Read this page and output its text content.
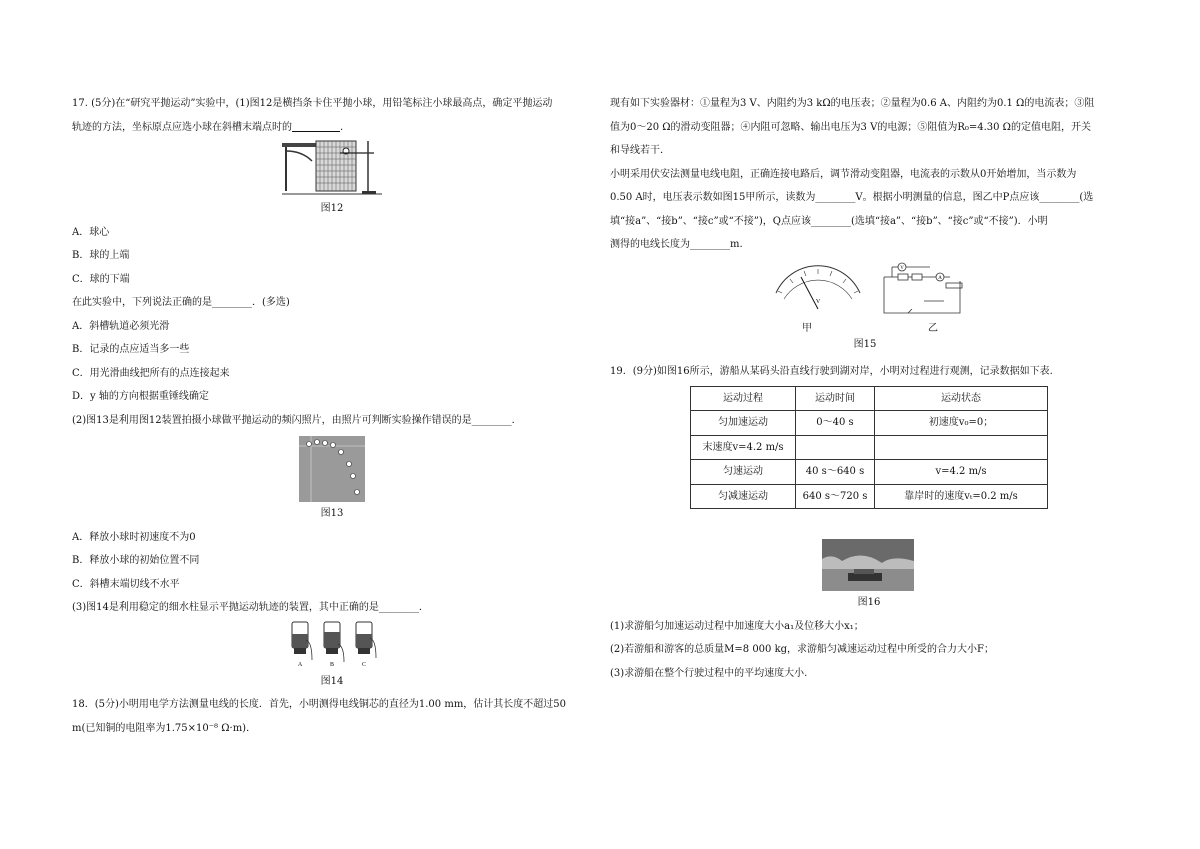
17. (5分)在“研究平抛运动”实验中，(1)图12是横挡条卡住平抛小球，用铅笔标注小球最高点，确定平抛运动

轨迹的方法，坐标原点应选小球在斜槽末端点时的	.

图12

A．球心

B．球的上端

C．球的下端

在此实验中，下列说法正确的是________．(多选)

A．斜槽轨道必须光滑

B．记录的点应适当多一些

C．用光滑曲线把所有的点连接起来

D．y 轴的方向根据重锤线确定

(2)图13是利用图12装置拍摄小球做平抛运动的频闪照片，由照片可判断实验操作错误的是________．

图13

A．释放小球时初速度不为0

B．释放小球的初始位置不同

C．斜槽末端切线不水平

(3)图14是利用稳定的细水柱显示平抛运动轨迹的装置，其中正确的是________．

A	B	C

图14

18．(5分)小明用电学方法测量电线的长度．首先，小明测得电线铜芯的直径为1.00 mm，估计其长度不超过50

m(已知铜的电阻率为1.75×10⁻⁸ Ω·m)．

现有如下实验器材：①量程为3 V、内阻约为3 kΩ的电压表；②量程为0.6 A、内阻约为0.1 Ω的电流表；③阻

值为0～20 Ω的滑动变阻器；④内阻可忽略、输出电压为3 V的电源；⑤阻值为R₀=4.30 Ω的定值电阻，开关

和导线若干．

小明采用伏安法测量电线电阻，正确连接电路后，调节滑动变阻器，电流表的示数从0开始增加，当示数为

0.50 A时，电压表示数如图15甲所示，读数为________V。根据小明测量的信息，图乙中P点应该________(选

填“接a”、“接b”、“接c”或“不接”)，Q点应该________(选填“接a”、“接b”、“接c”或“不接”)．小明

测得的电线长度为________m.

V
V
A

甲	乙

图15

19．(9分)如图16所示，游船从某码头沿直线行驶到湖对岸，小明对过程进行观测，记录数据如下表.

运动过程	运动时间	运动状态
匀加速运动	0～40 s	初速度v₀=0；
末速度v=4.2 m/s		
匀速运动	40 s～640 s	v=4.2 m/s
匀减速运动	640 s～720 s	靠岸时的速度vₜ=0.2 m/s

图16

(1)求游船匀加速运动过程中加速度大小a₁及位移大小x₁；

(2)若游船和游客的总质量M=8 000 kg，求游船匀减速运动过程中所受的合力大小F；

(3)求游船在整个行驶过程中的平均速度大小.
